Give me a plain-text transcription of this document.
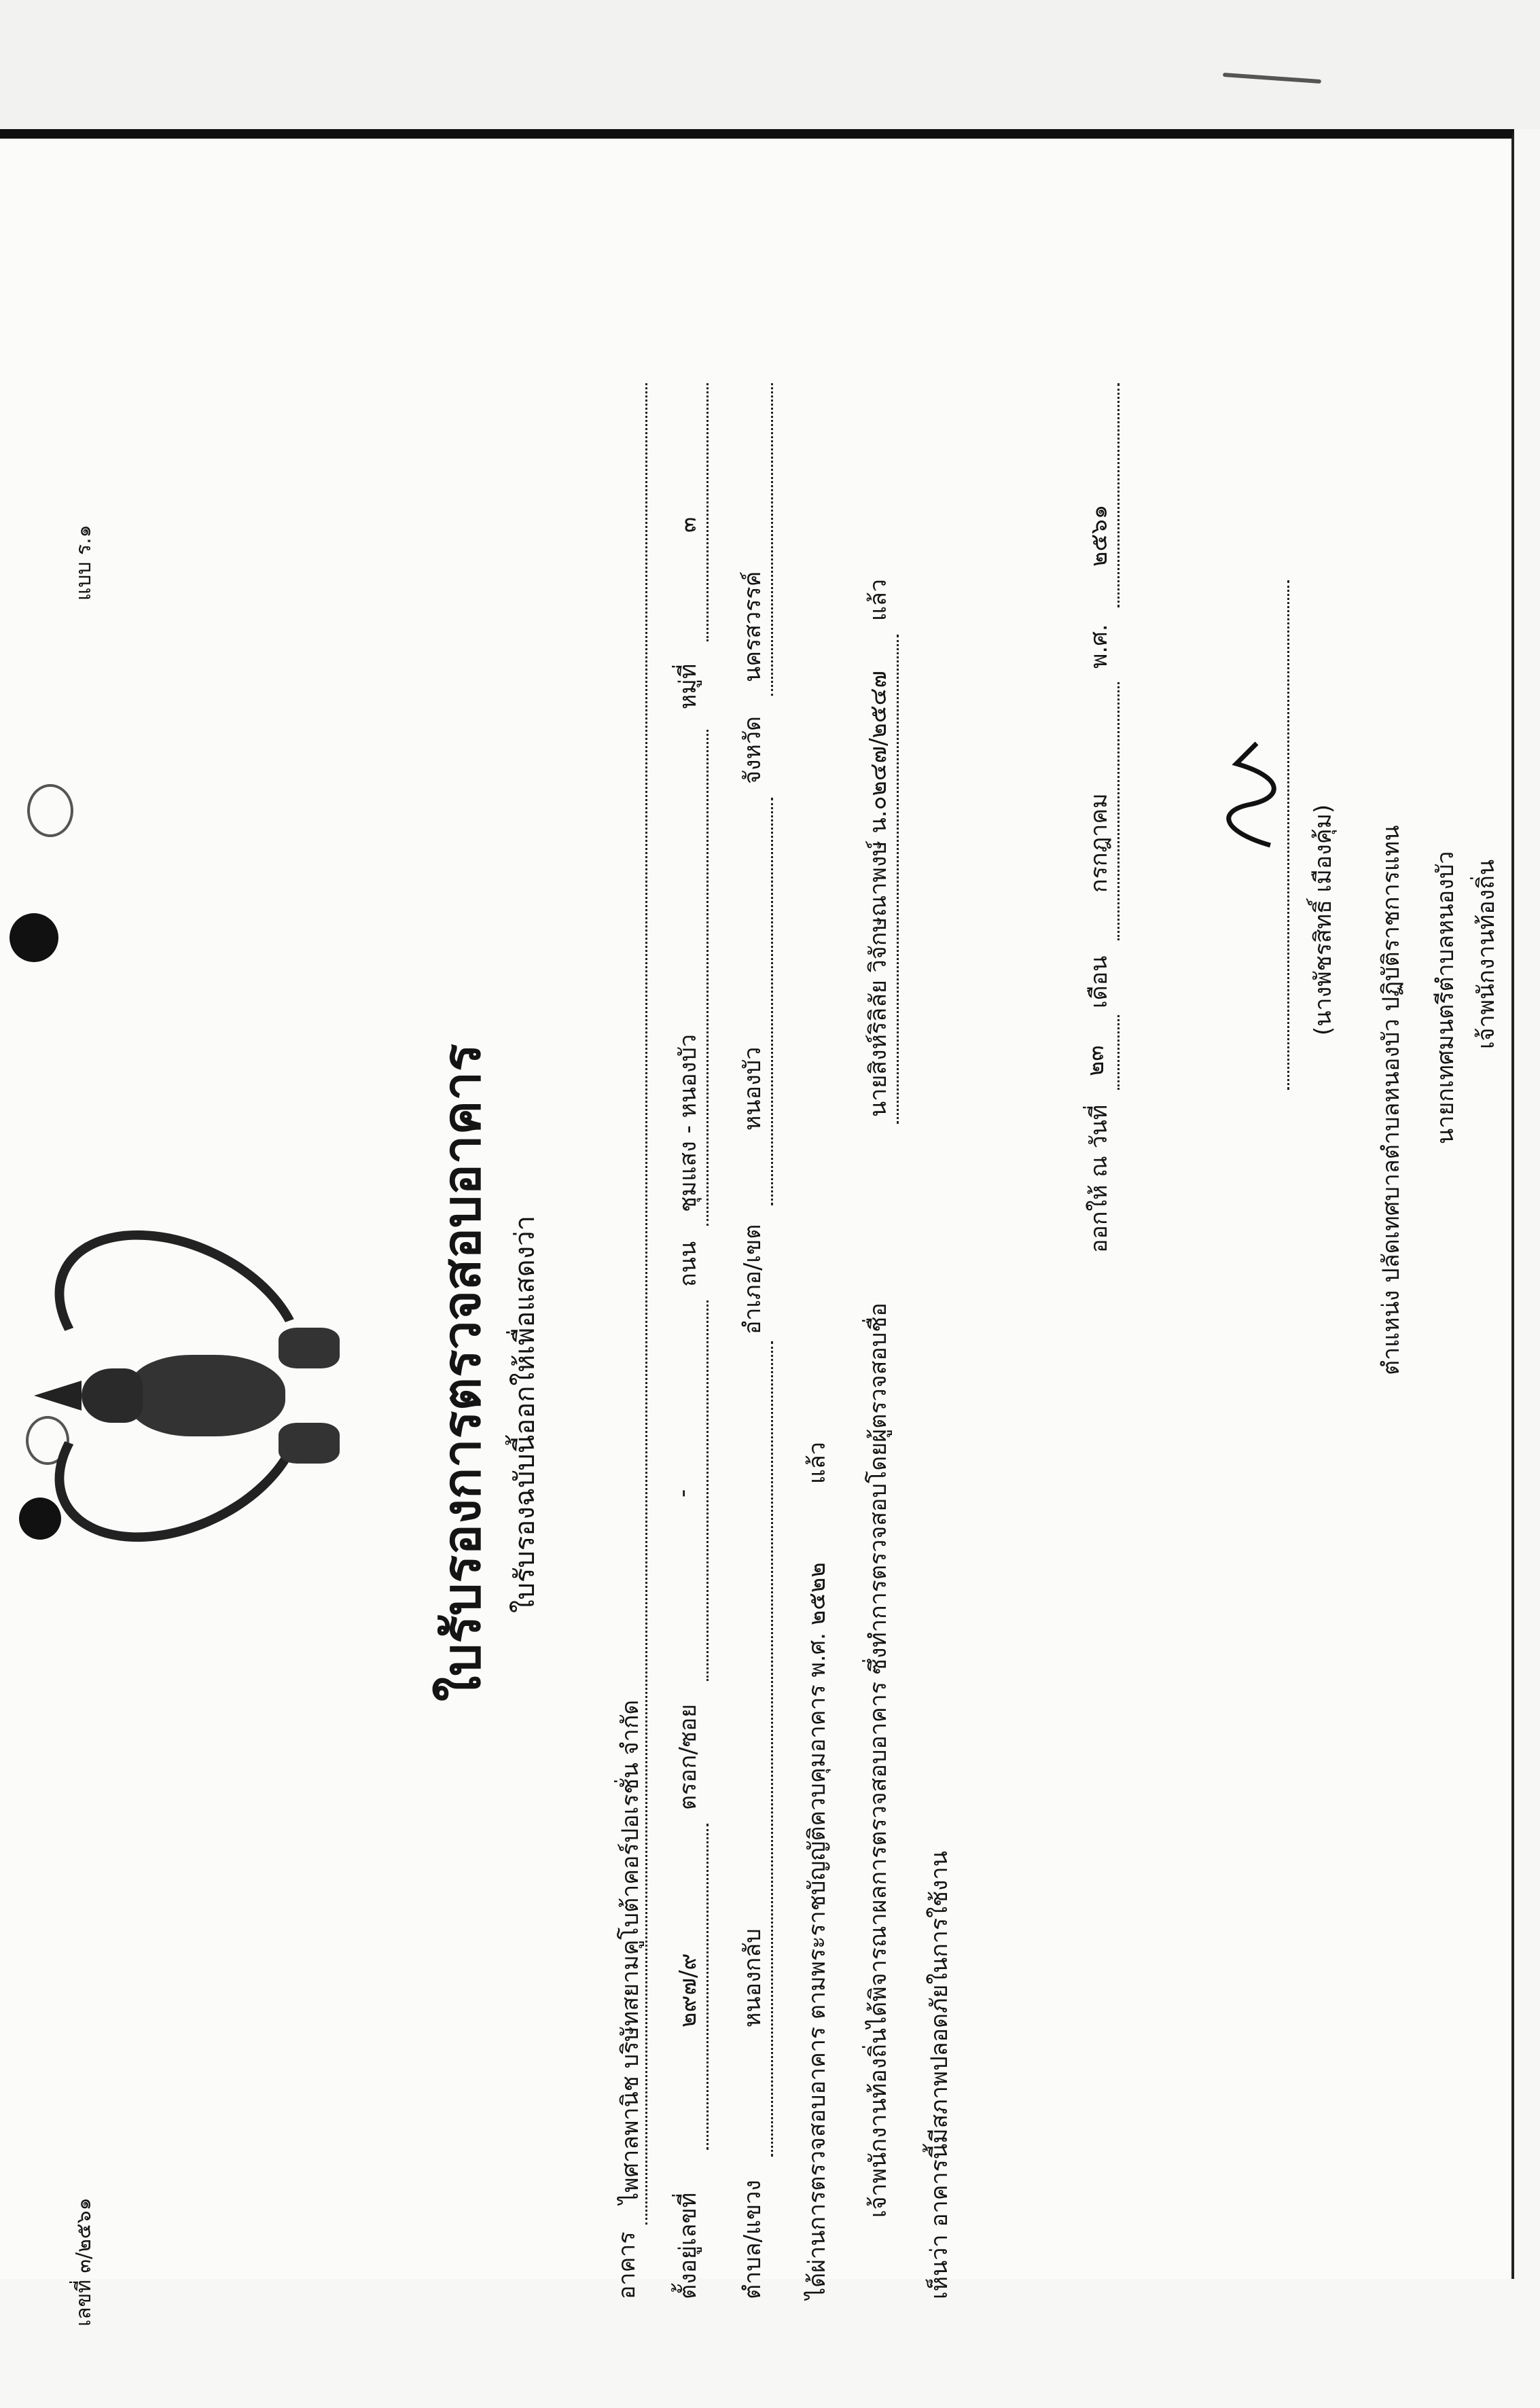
แบบ ร.๑
เลขที่ ๓/๒๕๖๑
ใบรับรองการตรวจสอบอาคาร ใบรับรองฉบับนี้ออกให้เพื่อแสดงว่า
อาคาร
ไพศาลพานิช บริษัทสยามคูโบต้าคอร์ปอเรชั่น จำกัด
ตั้งอยู่เลขที่
๒๙๗/๙
ตรอก/ซอย
-
ถนน
ชุมแสง - หนองบัว
หมู่ที่
๓
ตำบล/แขวง
หนองกลับ
อำเภอ/เขต
หนองบัว
จังหวัด
นครสวรรค์
ได้ผ่านการตรวจสอบอาคาร ตามพระราชบัญญัติควบคุมอาคาร พ.ศ. ๒๕๒๒
แล้ว เจ้าพนักงานท้องถิ่นได้พิจารณาผลการตรวจสอบอาคาร ซึ่งทำการตรวจสอบโดยผู้ตรวจสอบชื่อ
นายสิงห์ริลิลัย วิจักษณาพงษ์ น.๐๒๔๗/๒๕๔๗
แล้ว
เห็นว่า อาคารนี้มีสภาพปลอดภัยในการใช้งาน
ออกให้ ณ วันที่
๒๓
เดือน
กรกฎาคม
พ.ศ.
๒๕๖๑
(นางพัชรสิทธิ์ เมืองคุ้ม) ตำแหน่ง ปลัดเทศบาลตำบลหนองบัว ปฏิบัติราชการแทน นายกเทศมนตรีตำบลหนองบัว เจ้าพนักงานท้องถิ่น
